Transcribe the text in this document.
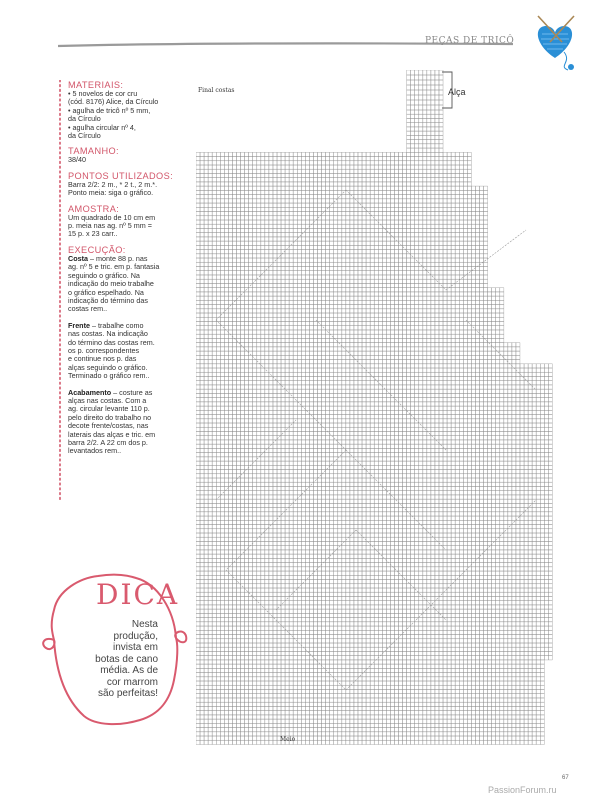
PEÇAS DE TRICÔ
MATERIAIS:
• 5 novelos de cor cru
(cód. 8176) Alice, da Círculo
• agulha de tricô nº 5 mm,
da Círculo
• agulha circular nº 4,
da Círculo
TAMANHO:
38/40
PONTOS UTILIZADOS:
Barra 2/2: 2 m., * 2 t., 2 m.*.
Ponto meia: siga o gráfico.
AMOSTRA:
Um quadrado de 10 cm em
p. meia nas ag. nº 5 mm =
15 p. x 23 carr..
EXECUÇÃO:
Costa – monte 88 p. nas
ag. nº 5 e tric. em p. fantasia
seguindo o gráfico. Na
indicação do meio trabalhe
o gráfico espelhado. Na
indicação do término das
costas rem..
Frente – trabalhe como
nas costas. Na indicação
do término das costas rem.
os p. correspondentes
e continue nos p. das
alças seguindo o gráfico.
Terminado o gráfico rem..
Acabamento – costure as
alças nas costas. Com a
ag. circular levante 110 p.
pelo direito do trabalho no
decote frente/costas, nas
laterais das alças e tric. em
barra 2/2. A 22 cm dos p.
levantados rem..
DICA
Nesta
produção,
invista em
botas de cano
média. As de
cor marrom
são perfeitas!
Final costas	Alça
Meio
67
PassionForum.ru
